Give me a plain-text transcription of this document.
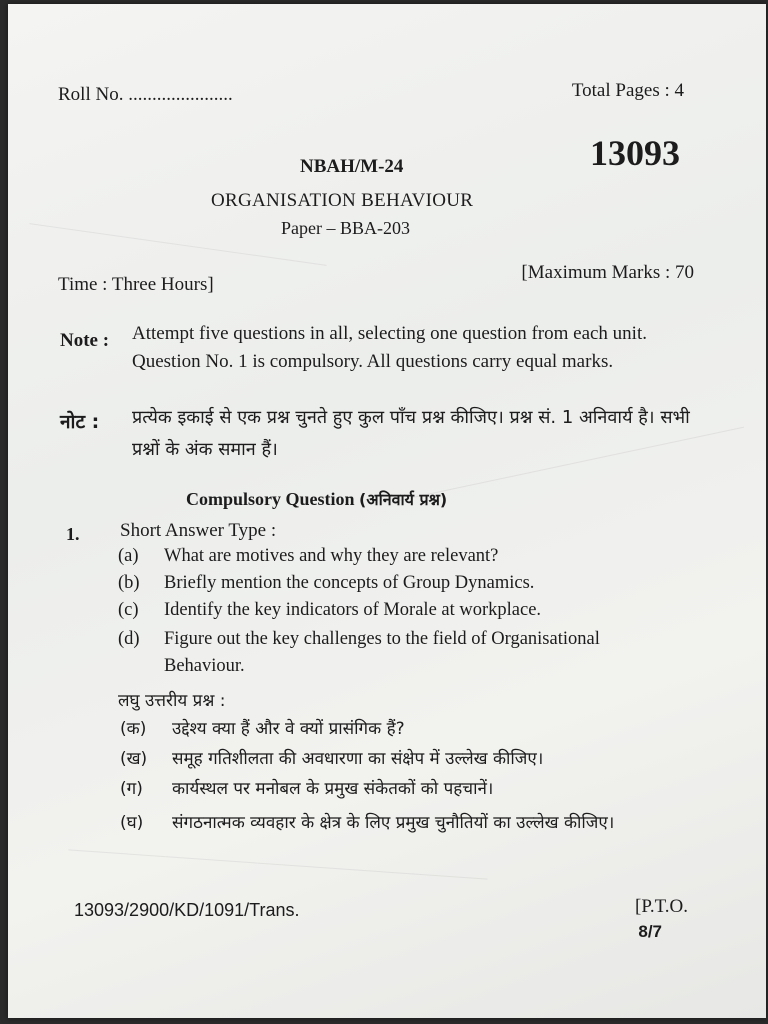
Roll No. ......................	Total Pages : 4
13093
NBAH/M-24
ORGANISATION BEHAVIOUR
Paper – BBA-203
Time : Three Hours]
[Maximum Marks : 70
Note : Attempt five questions in all, selecting one question from each unit. Question No. 1 is compulsory. All questions carry equal marks.
नोट : प्रत्येक इकाई से एक प्रश्न चुनते हुए कुल पाँच प्रश्न कीजिए। प्रश्न सं. 1 अनिवार्य है। सभी प्रश्नों के अंक समान हैं।
Compulsory Question (अनिवार्य प्रश्न)
1. Short Answer Type :
(a) What are motives and why they are relevant?
(b) Briefly mention the concepts of Group Dynamics.
(c) Identify the key indicators of Morale at workplace.
(d) Figure out the key challenges to the field of Organisational Behaviour.
लघु उत्तरीय प्रश्न :
(क) उद्देश्य क्या हैं और वे क्यों प्रासंगिक हैं?
(ख) समूह गतिशीलता की अवधारणा का संक्षेप में उल्लेख कीजिए।
(ग) कार्यस्थल पर मनोबल के प्रमुख संकेतकों को पहचानें।
(घ) संगठनात्मक व्यवहार के क्षेत्र के लिए प्रमुख चुनौतियों का उल्लेख कीजिए।
13093/2900/KD/1091/Trans.	[P.T.O.
8/7
